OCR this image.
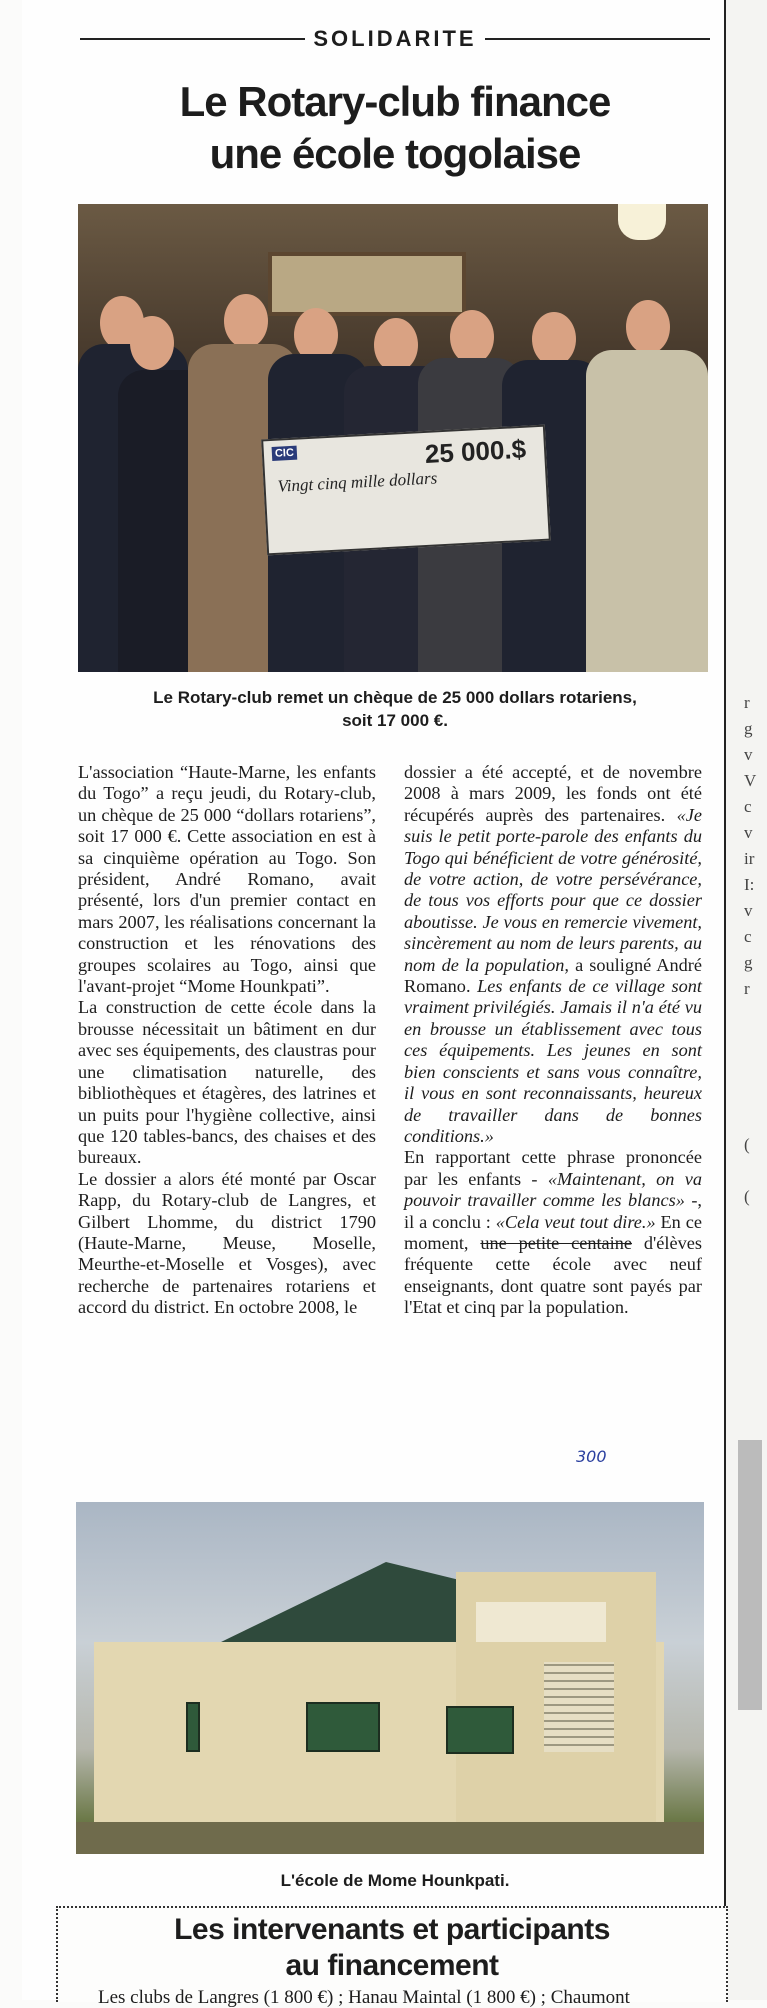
r
g
v
V
c
v
ir
I:
v
c
g
r

(

(
SOLIDARITE
Le Rotary-club finance
une école togolaise
CIC	25 000.$
Vingt cinq mille dollars
Le Rotary-club remet un chèque de 25 000 dollars rotariens,
soit 17 000 €.

L'association “Haute-Marne, les enfants du Togo” a reçu jeudi, du Rotary-club, un chèque de 25 000 “dollars rotariens”, soit 17 000 €. Cette association en est à sa cinquième opération au Togo. Son président, André Romano, avait présenté, lors d'un premier contact en mars 2007, les réalisations concernant la construction et les rénovations des groupes scolaires au Togo, ainsi que l'avant-projet “Mome Hounkpati”.

La construction de cette école dans la brousse nécessitait un bâtiment en dur avec ses équipements, des claustras pour une climatisation naturelle, des bibliothèques et étagères, des latrines et un puits pour l'hygiène collective, ainsi que 120 tables-bancs, des chaises et des bureaux.

Le dossier a alors été monté par Oscar Rapp, du Rotary-club de Langres, et Gilbert Lhomme, du district 1790 (Haute-Marne, Meuse, Moselle, Meurthe-et-Moselle et Vosges), avec recherche de partenaires rotariens et accord du district. En octobre 2008, le

dossier a été accepté, et de novembre 2008 à mars 2009, les fonds ont été récupérés auprès des partenaires. «Je suis le petit porte-parole des enfants du Togo qui bénéficient de votre générosité, de votre action, de votre persévérance, de tous vos efforts pour que ce dossier aboutisse. Je vous en remercie vivement, sincèrement au nom de leurs parents, au nom de la population, a souligné André Romano. Les enfants de ce village sont vraiment privilégiés. Jamais il n'a été vu en brousse un établissement avec tous ces équipements. Les jeunes en sont bien conscients et sans vous connaître, il vous en sont reconnaissants, heureux de travailler dans de bonnes conditions.»

En rapportant cette phrase prononcée par les enfants - «Maintenant, on va pouvoir travailler comme les blancs» -, il a conclu : «Cela veut tout dire.» En ce moment, une petite centaine d'élèves fréquente cette école avec neuf enseignants, dont quatre sont payés par l'Etat et cinq par la population.

300
L'école de Mome Hounkpati.
Les intervenants et participants
au financement
Les clubs de Langres (1 800 €) ; Hanau Maintal (1 800 €) ; Chaumont
